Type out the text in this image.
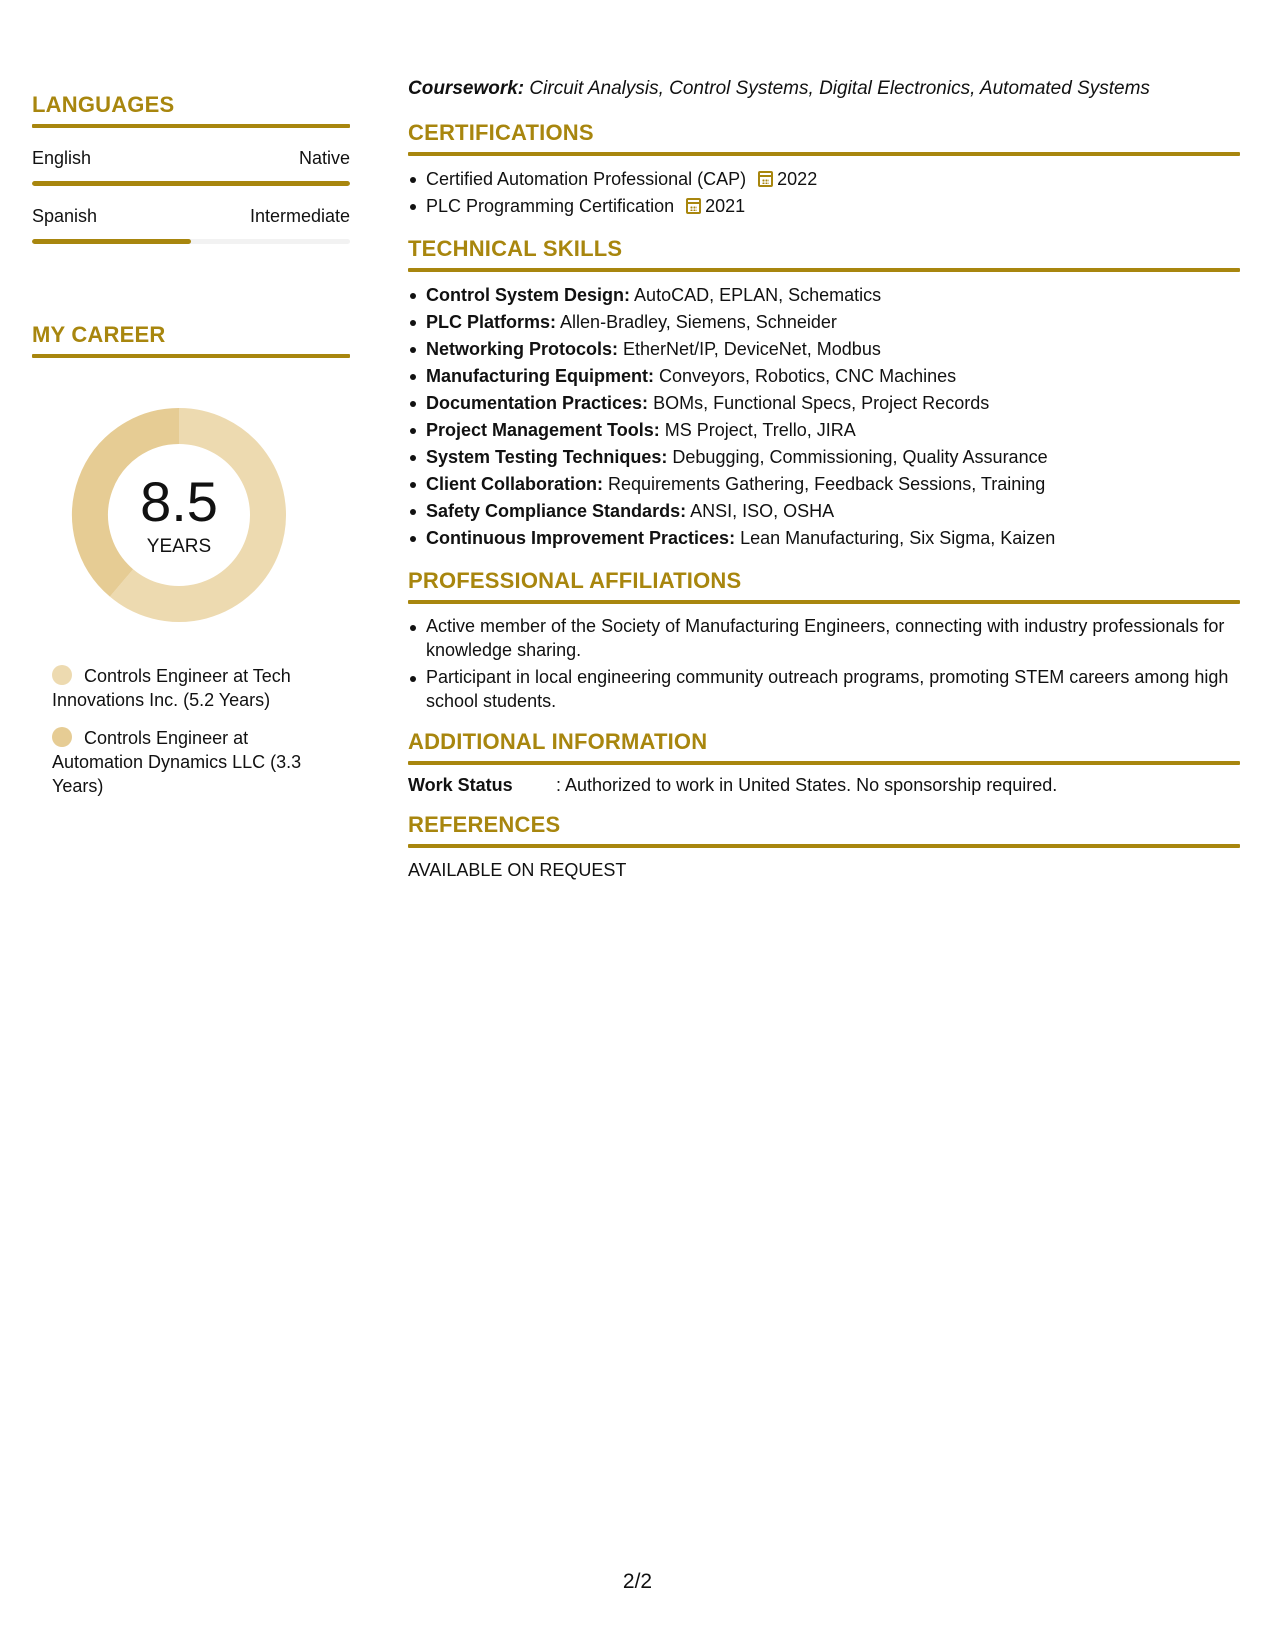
LANGUAGES
English	Native
Spanish	Intermediate
MY CAREER
8.5
YEARS
Controls Engineer at Tech Innovations Inc. (5.2 Years)
Controls Engineer at Automation Dynamics LLC (3.3 Years)
Coursework: Circuit Analysis, Control Systems, Digital Electronics, Automated Systems
CERTIFICATIONS
Certified Automation Professional (CAP) 2022
PLC Programming Certification 2021
TECHNICAL SKILLS
Control System Design: AutoCAD, EPLAN, Schematics
PLC Platforms: Allen-Bradley, Siemens, Schneider
Networking Protocols: EtherNet/IP, DeviceNet, Modbus
Manufacturing Equipment: Conveyors, Robotics, CNC Machines
Documentation Practices: BOMs, Functional Specs, Project Records
Project Management Tools: MS Project, Trello, JIRA
System Testing Techniques: Debugging, Commissioning, Quality Assurance
Client Collaboration: Requirements Gathering, Feedback Sessions, Training
Safety Compliance Standards: ANSI, ISO, OSHA
Continuous Improvement Practices: Lean Manufacturing, Six Sigma, Kaizen
PROFESSIONAL AFFILIATIONS
Active member of the Society of Manufacturing Engineers, connecting with industry professionals for knowledge sharing.
Participant in local engineering community outreach programs, promoting STEM careers among high school students.
ADDITIONAL INFORMATION
Work Status	: Authorized to work in United States. No sponsorship required.
REFERENCES
AVAILABLE ON REQUEST
2/2
